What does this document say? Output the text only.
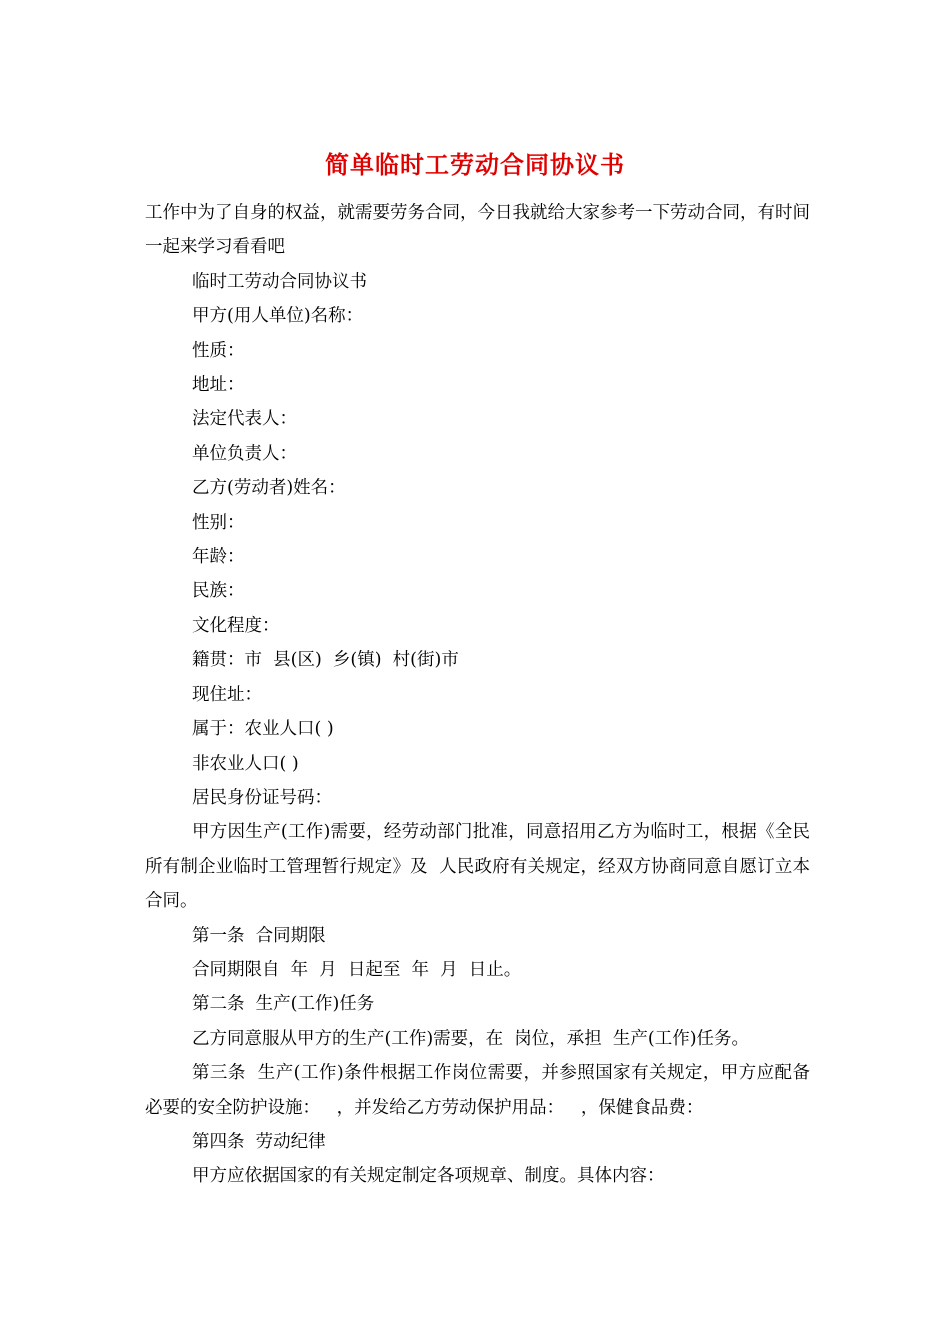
简单临时工劳动合同协议书

工作中为了自身的权益，就需要劳务合同，今日我就给大家参考一下劳动合同，有时间一起来学习看看吧

临时工劳动合同协议书

甲方(用人单位)名称：

性质：

地址：

法定代表人：

单位负责人：

乙方(劳动者)姓名：

性别：

年龄：

民族：

文化程度：

籍贯：市  县(区)  乡(镇)  村(街)市

现住址：

属于：农业人口( )

非农业人口( )

居民身份证号码：

甲方因生产(工作)需要，经劳动部门批准，同意招用乙方为临时工，根据《全民所有制企业临时工管理暂行规定》及  人民政府有关规定，经双方协商同意自愿订立本合同。

第一条  合同期限

合同期限自  年  月  日起至  年  月  日止。

第二条  生产(工作)任务

乙方同意服从甲方的生产(工作)需要，在  岗位，承担  生产(工作)任务。

第三条  生产(工作)条件根据工作岗位需要，并参照国家有关规定，甲方应配备必要的安全防护设施：   ，并发给乙方劳动保护用品：   ，保健食品费：

第四条  劳动纪律

甲方应依据国家的有关规定制定各项规章、制度。具体内容：
